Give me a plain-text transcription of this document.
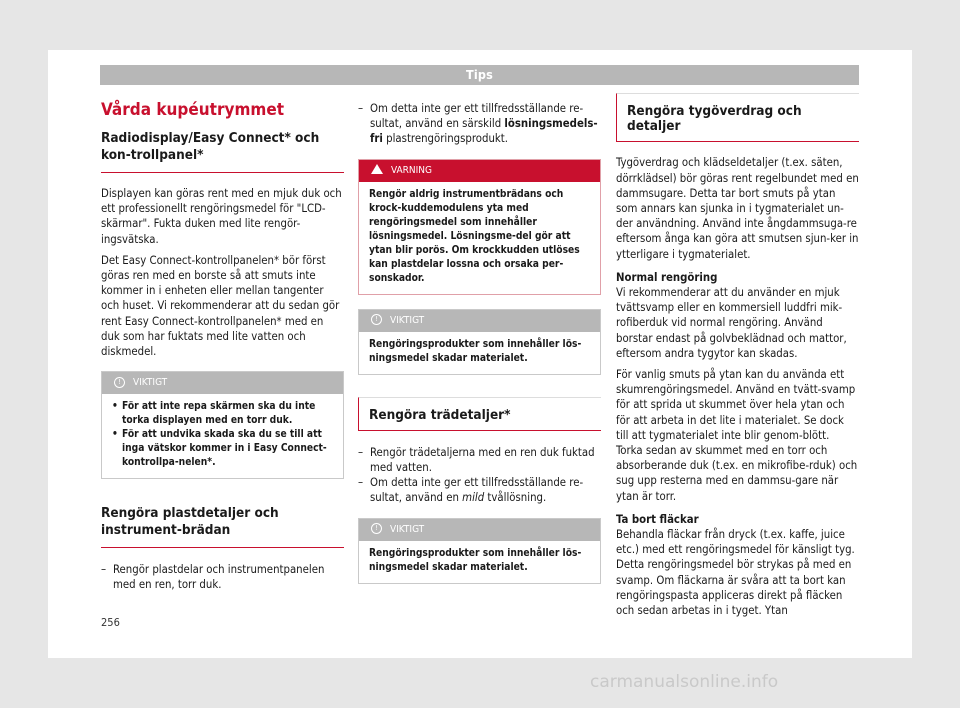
Tips
Vårda kupéutrymmet
Radiodisplay/Easy Connect* och kon-trollpanel*

Displayen kan göras rent med en mjuk duk och ett professionellt rengöringsmedel för "LCD-skärmar". Fukta duken med lite rengör-ingsvätska.

Det Easy Connect-kontrollpanelen* bör först göras ren med en borste så att smuts inte kommer in i enheten eller mellan tangenter och huset. Vi rekommenderar att du sedan gör rent Easy Connect-kontrollpanelen* med en duk som har fuktats med lite vatten och diskmedel.

! VIKTIGT
• För att inte repa skärmen ska du inte torka displayen med en torr duk.
• För att undvika skada ska du se till att inga vätskor kommer in i Easy Connect-kontrollpa-nelen*.
Rengöra plastdetaljer och instrument-brädan
– Rengör plastdelar och instrumentpanelen med en ren, torr duk.
– Om detta inte ger ett tillfredsställande re-sultat, använd en särskild lösningsmedels-fri plastrengöringsprodukt.
VARNING
Rengör aldrig instrumentbrädans och krock-kuddemodulens yta med rengöringsmedel som innehåller lösningsmedel. Lösningsme-del gör att ytan blir porös. Om krockkudden utlöses kan plastdelar lossna och orsaka per-sonskador.
! VIKTIGT
Rengöringsprodukter som innehåller lös-ningsmedel skadar materialet.
Rengöra trädetaljer*
– Rengör trädetaljerna med en ren duk fuktad med vatten.
– Om detta inte ger ett tillfredsställande re-sultat, använd en mild tvållösning.
! VIKTIGT
Rengöringsprodukter som innehåller lös-ningsmedel skadar materialet.
Rengöra tygöverdrag och detaljer

Tygöverdrag och klädseldetaljer (t.ex. säten, dörrklädsel) bör göras rent regelbundet med en dammsugare. Detta tar bort smuts på ytan som annars kan sjunka in i tygmaterialet un-der användning. Använd inte ångdammsuga-re eftersom ånga kan göra att smutsen sjun-ker in ytterligare i tygmaterialet.

Normal rengöring

Vi rekommenderar att du använder en mjuk tvättsvamp eller en kommersiell luddfri mik-rofiberduk vid normal rengöring. Använd borstar endast på golvbeklädnad och mattor, eftersom andra tygytor kan skadas.

För vanlig smuts på ytan kan du använda ett skumrengöringsmedel. Använd en tvätt-svamp för att sprida ut skummet över hela ytan och för att arbeta in det lite i materialet. Se dock till att tygmaterialet inte blir genom-blött. Torka sedan av skummet med en torr och absorberande duk (t.ex. en mikrofibe-rduk) och sug upp resterna med en dammsu-gare när ytan är torr.

Ta bort fläckar

Behandla fläckar från dryck (t.ex. kaffe, juice etc.) med ett rengöringsmedel för känsligt tyg. Detta rengöringsmedel bör strykas på med en svamp. Om fläckarna är svåra att ta bort kan rengöringspasta appliceras direkt på fläcken och sedan arbetas in i tyget. Ytan

256
carmanualsonline.info
